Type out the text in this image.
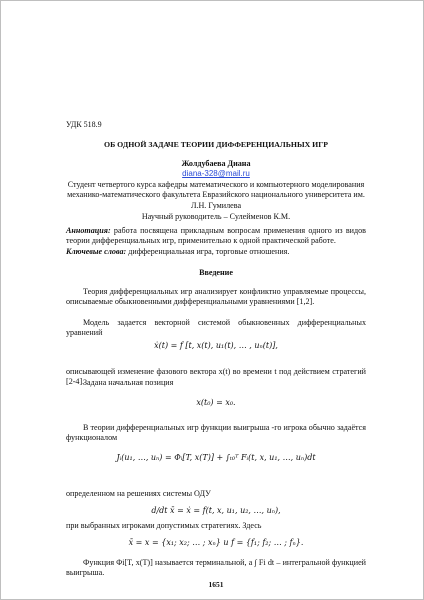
УДК 518.9
ОБ ОДНОЙ ЗАДАЧЕ ТЕОРИИ ДИФФЕРЕНЦИАЛЬНЫХ ИГР
Жолдубаева Диана
diana-328@mail.ru
Студент четвертого курса кафедры математического и компьютерного моделирования механико-математического факультета Евразийского национального университета им. Л.Н. Гумилева
Научный руководитель – Сулейменов К.М.
Аннотация: работа посвящена прикладным вопросам применения одного из видов теории дифференциальных игр, применительно к одной практической работе.
Ключевые слова: дифференциальная игра, торговые отношения.
Введение
Теория дифференциальных игр анализирует конфликтно управляемые процессы, описываемые обыкновенными дифференциальными уравнениями [1,2].
Модель задается векторной системой обыкновенных дифференциальных уравнений
ẋ(t) = f [t, x(t), u₁(t), … , uₙ(t)],
описывающей изменение фазового вектора x(t) во времени t под действием стратегий [2-4].
Задана начальная позиция
x(t₀) = x₀.
В теории дифференциальных игр функции выигрыша -го игрока обычно задаётся функционалом
Jᵢ(u₁, …, uₙ) = Φᵢ[T, x(T)] + ∫ₜ₀ᵀ Fᵢ(t, x, u₁, …, uₙ)dt
определенном на решениях системы ОДУ
d/dt x̄ = ẋ = f(t, x, u₁, u₂, …, uₙ),
при выбранных игроками допустимых стратегиях. Здесь
x̄ = x = {x₁; x₂; … ; xₙ} и f = {f₁; f₂; … ; fₙ}.
Функция Φi[T, x(T)] называется терминальной, а ∫ Fi dt – интегральной функцией выигрыша.
1651
